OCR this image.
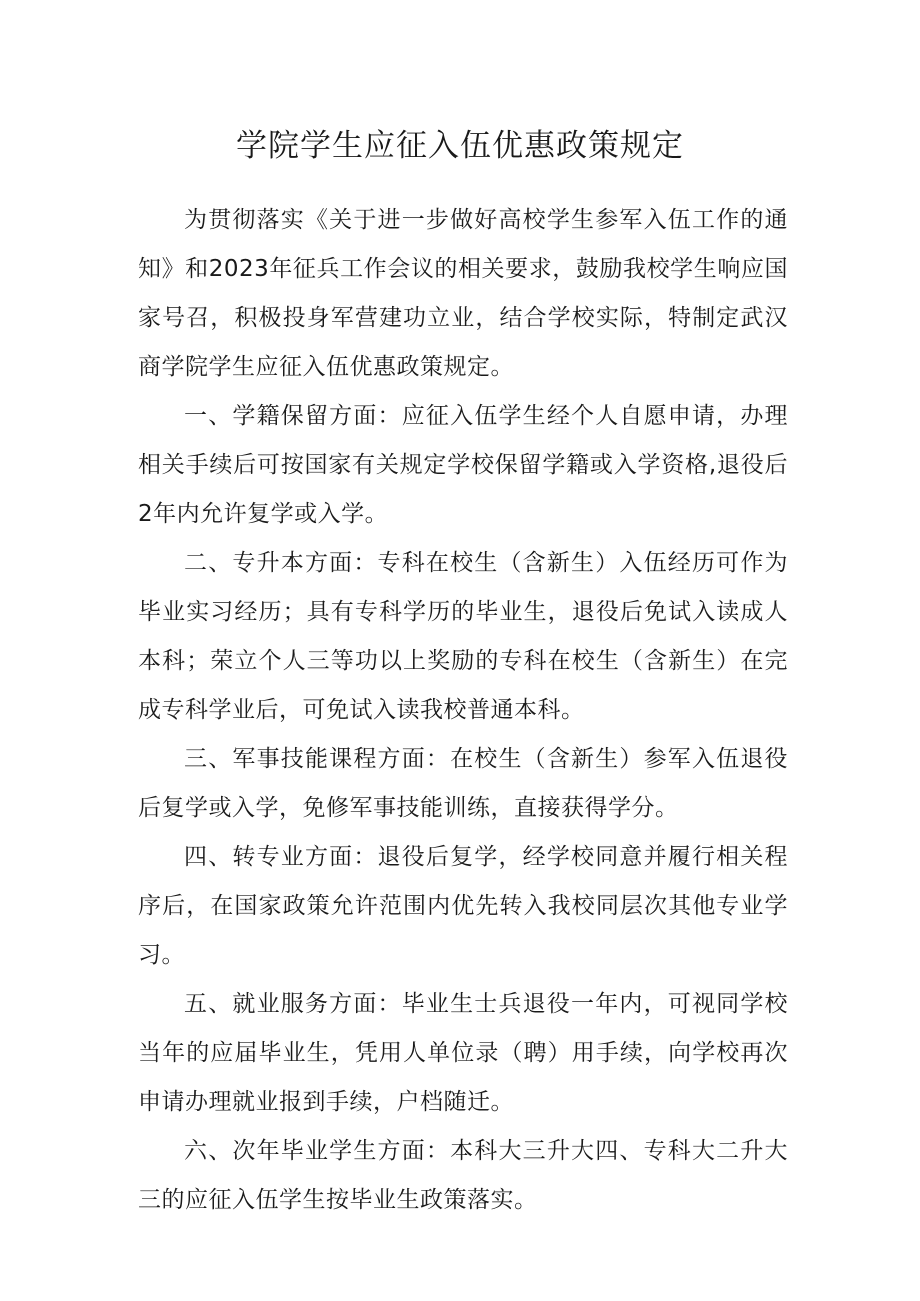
学院学生应征入伍优惠政策规定

为贯彻落实《关于进一步做好高校学生参军入伍工作的通知》和2023年征兵工作会议的相关要求，鼓励我校学生响应国家号召，积极投身军营建功立业，结合学校实际，特制定武汉商学院学生应征入伍优惠政策规定。

一、学籍保留方面：应征入伍学生经个人自愿申请，办理相关手续后可按国家有关规定学校保留学籍或入学资格,退役后2年内允许复学或入学。

二、专升本方面：专科在校生（含新生）入伍经历可作为毕业实习经历；具有专科学历的毕业生，退役后免试入读成人本科；荣立个人三等功以上奖励的专科在校生（含新生）在完成专科学业后，可免试入读我校普通本科。

三、军事技能课程方面：在校生（含新生）参军入伍退役后复学或入学，免修军事技能训练，直接获得学分。

四、转专业方面：退役后复学，经学校同意并履行相关程序后，在国家政策允许范围内优先转入我校同层次其他专业学习。

五、就业服务方面：毕业生士兵退役一年内，可视同学校当年的应届毕业生，凭用人单位录（聘）用手续，向学校再次申请办理就业报到手续，户档随迁。

六、次年毕业学生方面：本科大三升大四、专科大二升大三的应征入伍学生按毕业生政策落实。
